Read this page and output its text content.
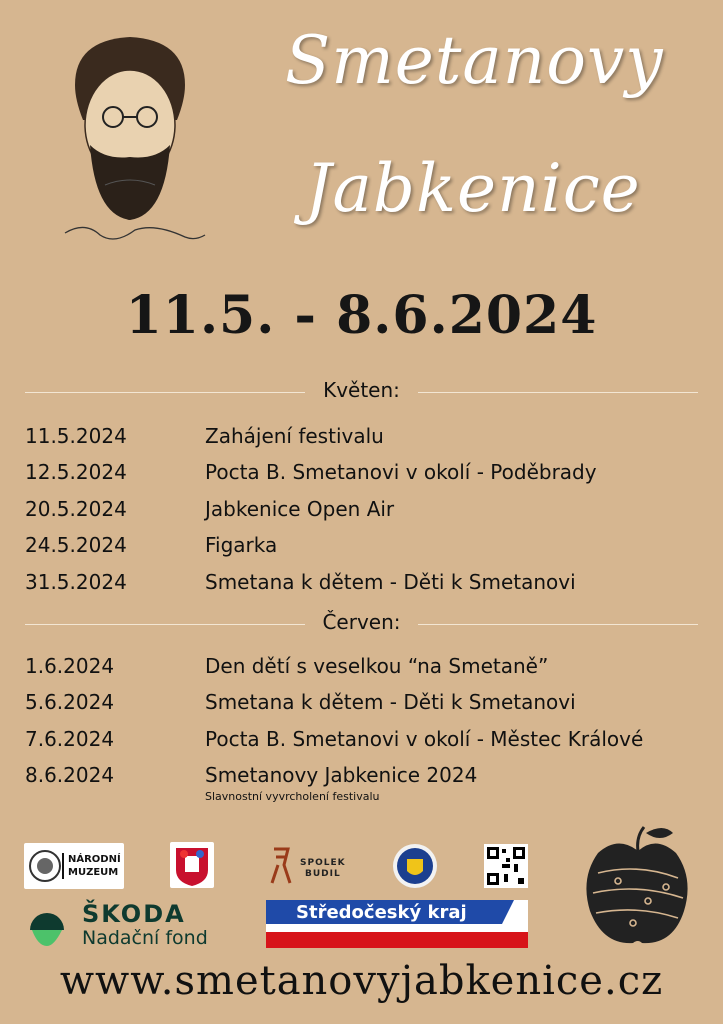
Smetanovy
Jabkenice
11.5. - 8.6.2024
Květen:
11.5.2024	Zahájení festivalu
12.5.2024	Pocta B. Smetanovi v okolí - Poděbrady
20.5.2024	Jabkenice Open Air
24.5.2024	Figarka
31.5.2024	Smetana k dětem - Děti k Smetanovi
Červen:
1.6.2024	Den dětí s veselkou “na Smetaně”
5.6.2024	Smetana k dětem - Děti k Smetanovi
7.6.2024	Pocta B. Smetanovi v okolí - Městec Králové
8.6.2024	Smetanovy Jabkenice 2024
Slavnostní vyvrcholení festivalu
NÁRODNÍ
MUZEUM
SPOLEK
BUDIL
ŠKODA
Nadační fond
Středočeský kraj
www.smetanovyjabkenice.cz
